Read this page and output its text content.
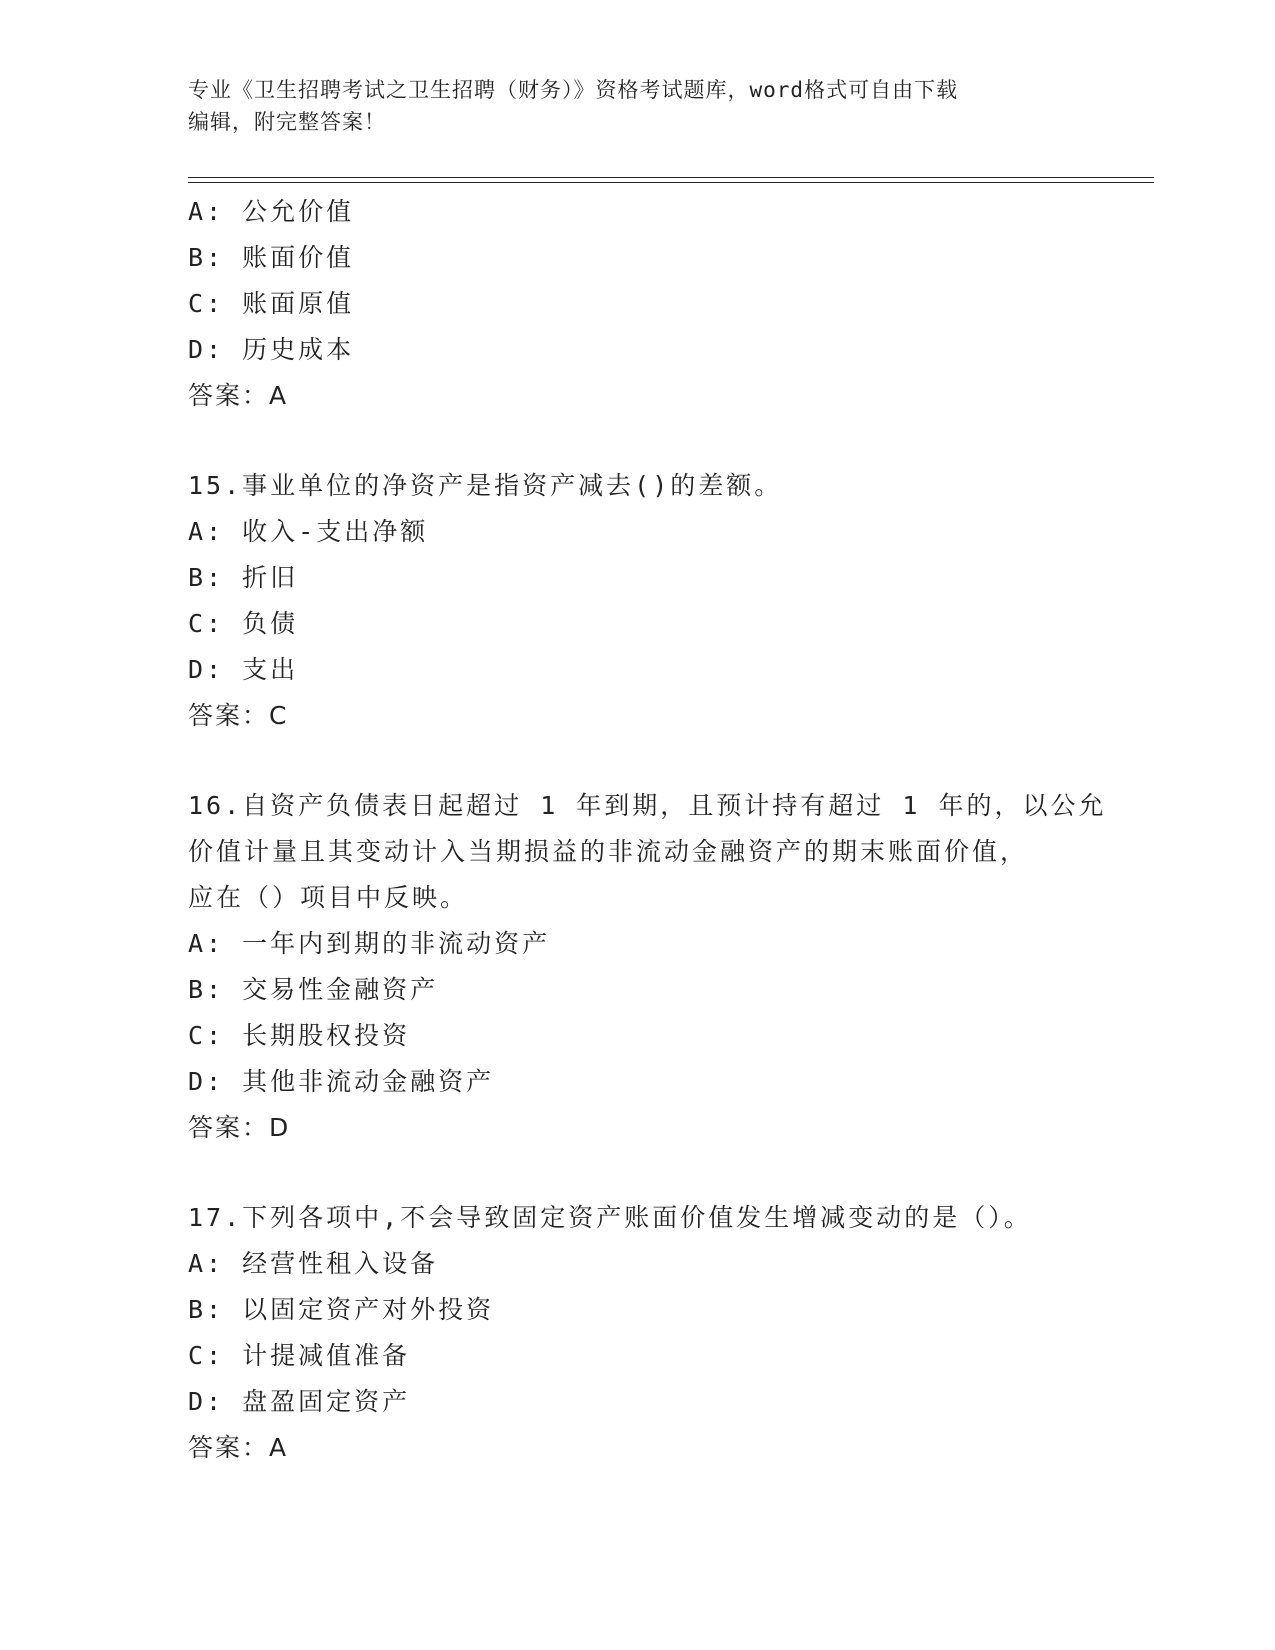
专业《卫生招聘考试之卫生招聘（财务）》资格考试题库，word格式可自由下载
编辑，附完整答案！
A: 公允价值
B: 账面价值
C: 账面原值
D: 历史成本
答案：A
15.事业单位的净资产是指资产减去()的差额。
A: 收入-支出净额
B: 折旧
C: 负债
D: 支出
答案：C
16.自资产负债表日起超过 1 年到期，且预计持有超过 1 年的，以公允
价值计量且其变动计入当期损益的非流动金融资产的期末账面价值，
应在（）项目中反映。
A: 一年内到期的非流动资产
B: 交易性金融资产
C: 长期股权投资
D: 其他非流动金融资产
答案：D
17.下列各项中,不会导致固定资产账面价值发生增减变动的是（）。
A: 经营性租入设备
B: 以固定资产对外投资
C: 计提减值准备
D: 盘盈固定资产
答案：A
